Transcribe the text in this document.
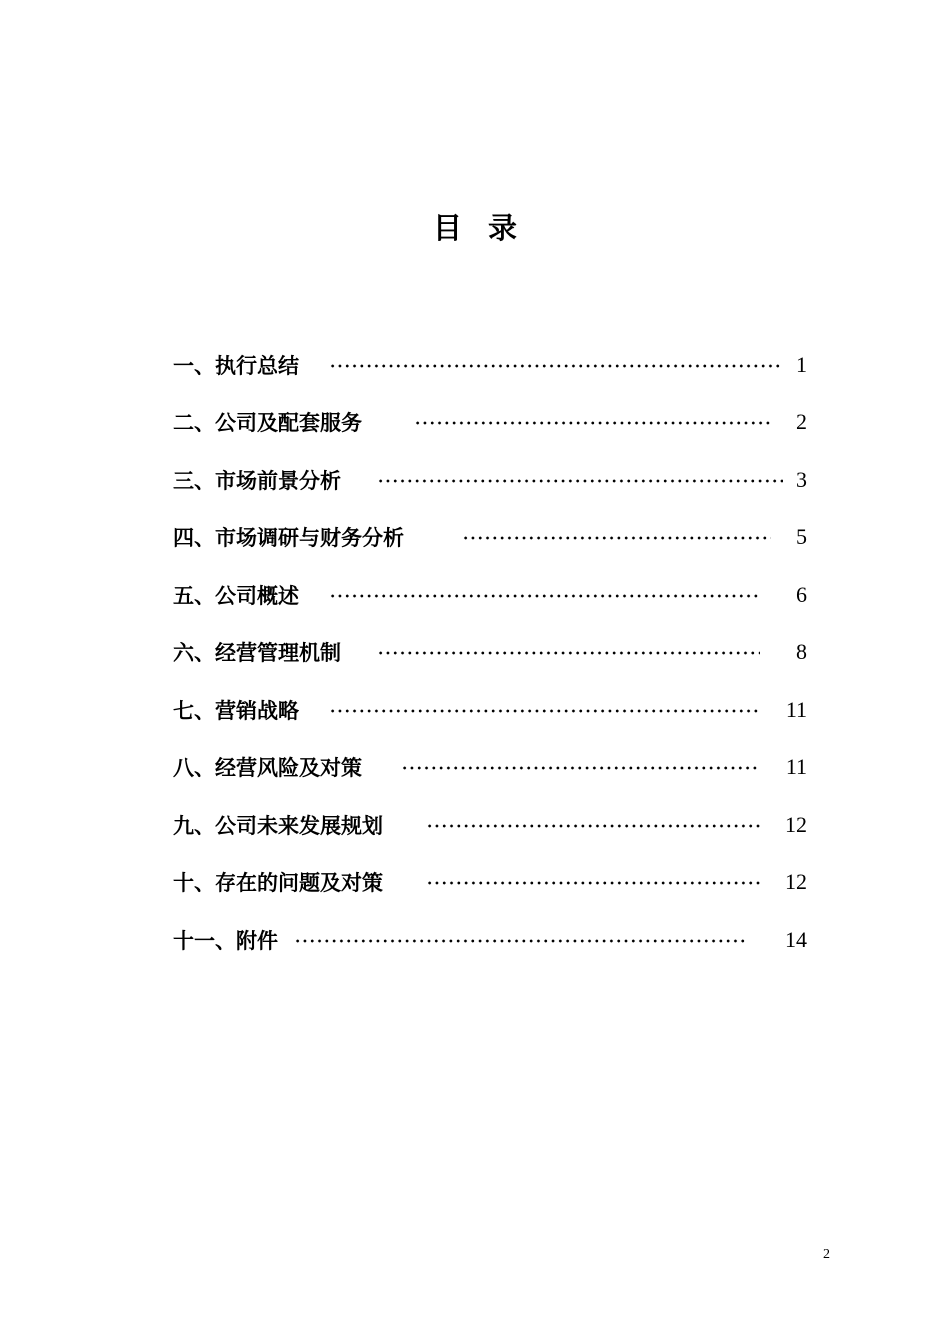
目录
一、执行总结	1
二、公司及配套服务	2
三、市场前景分析	3
四、市场调研与财务分析	5
五、公司概述	6
六、经营管理机制	8
七、营销战略	11
八、经营风险及对策	11
九、公司未来发展规划	12
十、存在的问题及对策	12
十一、附件	14
2
